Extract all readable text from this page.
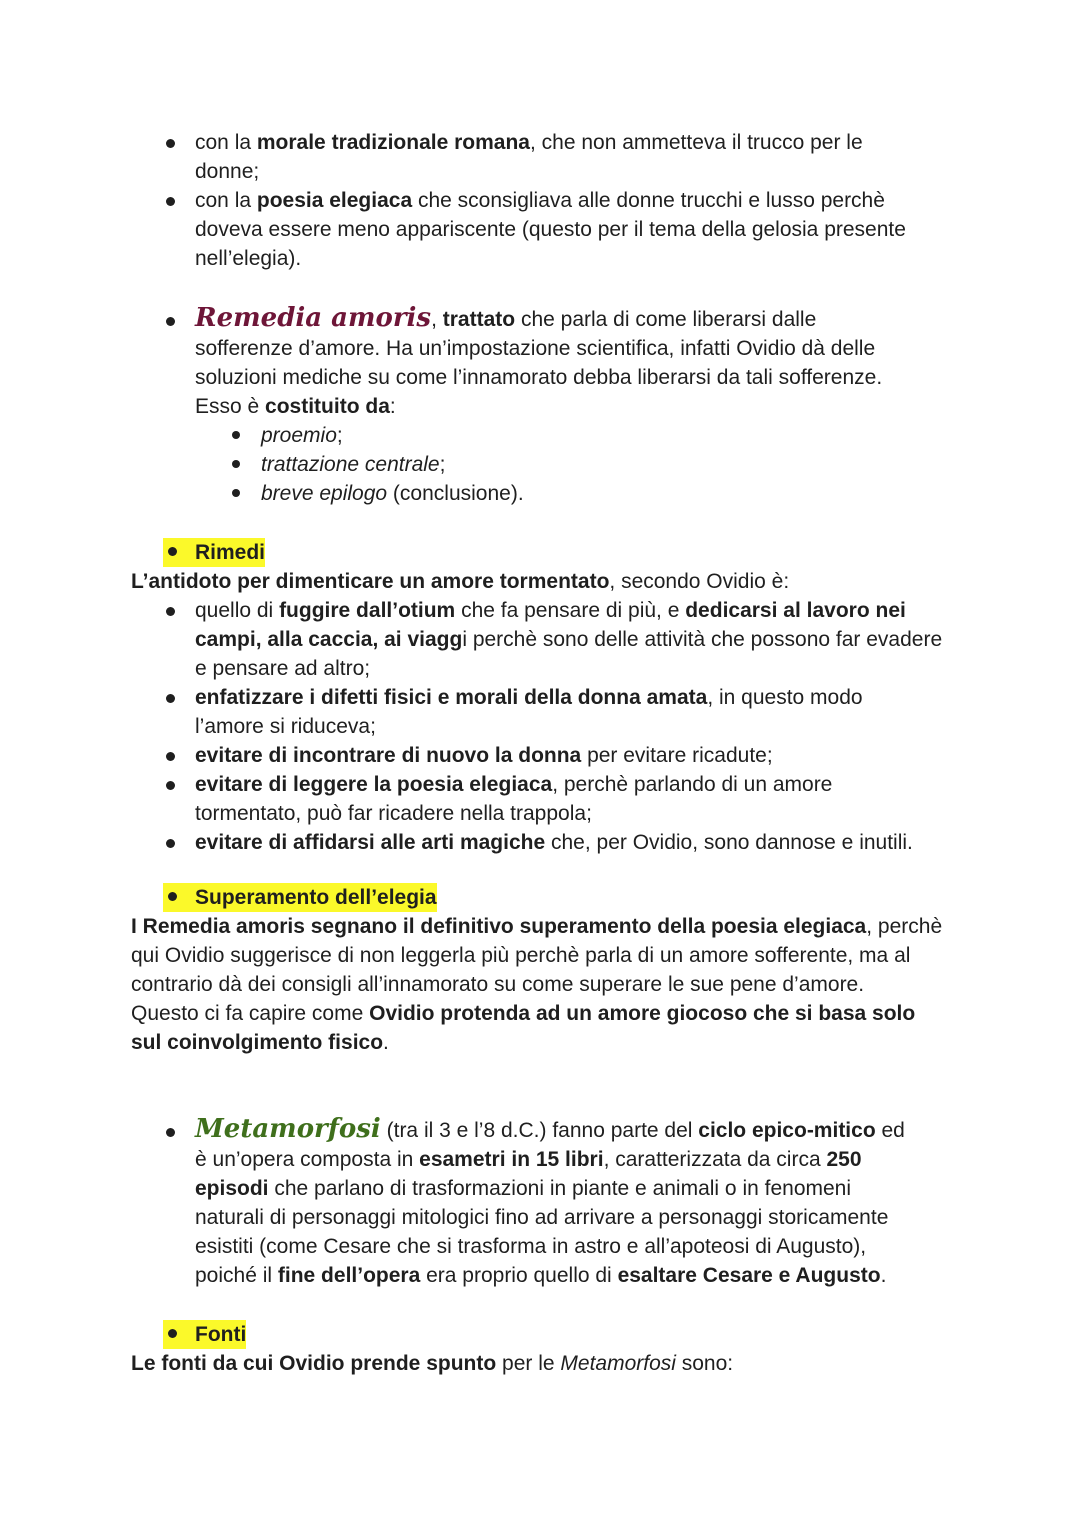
con la morale tradizionale romana, che non ammetteva il trucco per le donne;
con la poesia elegiaca che sconsigliava alle donne trucchi e lusso perchè doveva essere meno appariscente (questo per il tema della gelosia presente nell’elegia).
Remedia amoris, trattato che parla di come liberarsi dalle sofferenze d’amore. Ha un’impostazione scientifica, infatti Ovidio dà delle soluzioni mediche su come l’innamorato debba liberarsi da tali sofferenze.
Esso è costituito da:
proemio;
trattazione centrale;
breve epilogo (conclusione).
Rimedi
L’antidoto per dimenticare un amore tormentato, secondo Ovidio è:
quello di fuggire dall’otium che fa pensare di più, e dedicarsi al lavoro nei campi, alla caccia, ai viaggi perchè sono delle attività che possono far evadere e pensare ad altro;
enfatizzare i difetti fisici e morali della donna amata, in questo modo l’amore si riduceva;
evitare di incontrare di nuovo la donna per evitare ricadute;
evitare di leggere la poesia elegiaca, perchè parlando di un amore tormentato, può far ricadere nella trappola;
evitare di affidarsi alle arti magiche che, per Ovidio, sono dannose e inutili.
Superamento dell’elegia

I Remedia amoris segnano il definitivo superamento della poesia elegiaca, perchè qui Ovidio suggerisce di non leggerla più perchè parla di un amore sofferente, ma al contrario dà dei consigli all’innamorato su come superare le sue pene d’amore.

Questo ci fa capire come Ovidio protenda ad un amore giocoso che si basa solo sul coinvolgimento fisico.

Metamorfosi (tra il 3 e l’8 d.C.) fanno parte del ciclo epico-mitico ed è un’opera composta in esametri in 15 libri, caratterizzata da circa 250 episodi che parlano di trasformazioni in piante e animali o in fenomeni naturali di personaggi mitologici fino ad arrivare a personaggi storicamente esistiti (come Cesare che si trasforma in astro e all’apoteosi di Augusto), poiché il fine dell’opera era proprio quello di esaltare Cesare e Augusto.
Fonti
Le fonti da cui Ovidio prende spunto per le Metamorfosi sono:
